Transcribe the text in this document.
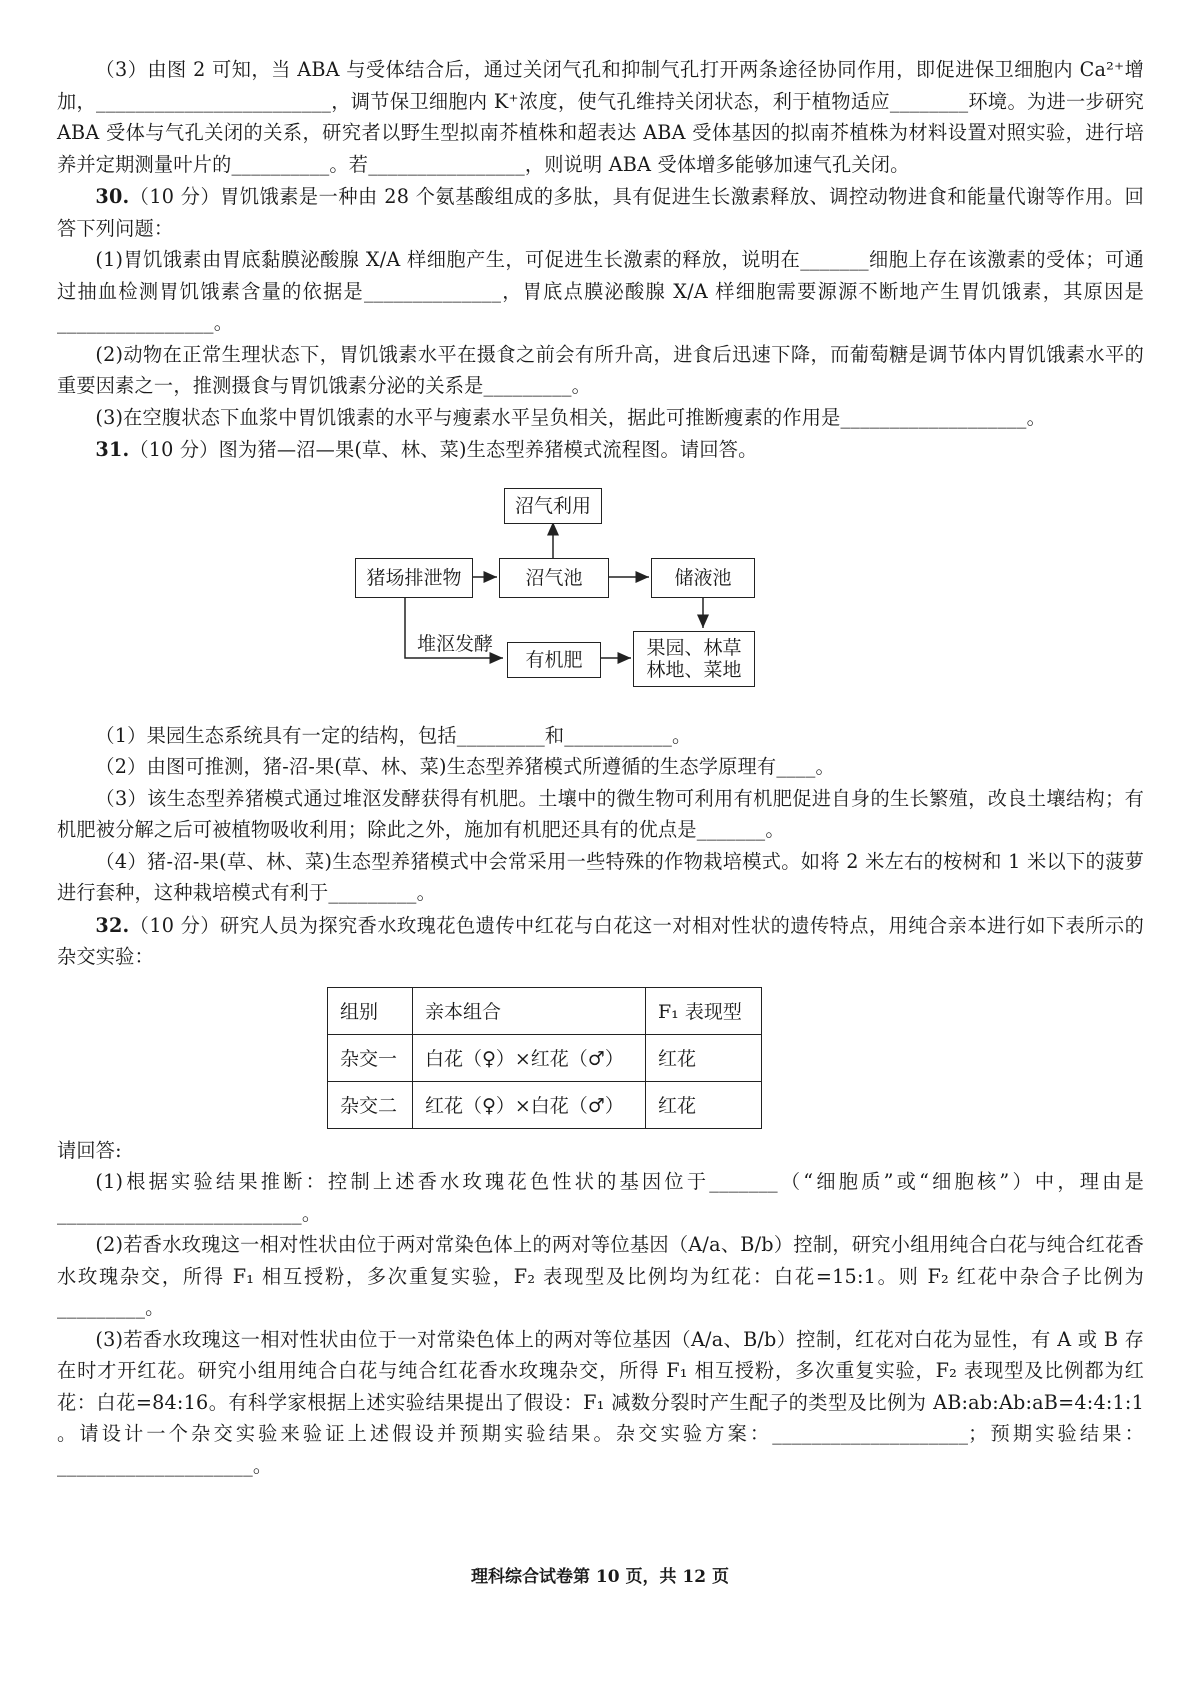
（3）由图 2 可知，当 ABA 与受体结合后，通过关闭气孔和抑制气孔打开两条途径协同作用，即促进保卫细胞内 Ca²⁺增加，________________________，调节保卫细胞内 K⁺浓度，使气孔维持关闭状态，利于植物适应________环境。为进一步研究 ABA 受体与气孔关闭的关系，研究者以野生型拟南芥植株和超表达 ABA 受体基因的拟南芥植株为材料设置对照实验，进行培养并定期测量叶片的__________。若________________，则说明 ABA 受体增多能够加速气孔关闭。

30.（10 分）胃饥饿素是一种由 28 个氨基酸组成的多肽，具有促进生长激素释放、调控动物进食和能量代谢等作用。回答下列问题：

(1)胃饥饿素由胃底黏膜泌酸腺 X/A 样细胞产生，可促进生长激素的释放，说明在_______细胞上存在该激素的受体；可通过抽血检测胃饥饿素含量的依据是______________，胃底点膜泌酸腺 X/A 样细胞需要源源不断地产生胃饥饿素，其原因是________________。

(2)动物在正常生理状态下，胃饥饿素水平在摄食之前会有所升高，进食后迅速下降，而葡萄糖是调节体内胃饥饿素水平的重要因素之一，推测摄食与胃饥饿素分泌的关系是_________。

(3)在空腹状态下血浆中胃饥饿素的水平与瘦素水平呈负相关，据此可推断瘦素的作用是___________________。

31.（10 分）图为猪—沼—果(草、林、菜)生态型养猪模式流程图。请回答。

沼气利用
猪场排泄物	沼气池	储液池
有机肥
果园、林草
林地、菜地
堆沤发酵

（1）果园生态系统具有一定的结构，包括_________和___________。

（2）由图可推测，猪-沼-果(草、林、菜)生态型养猪模式所遵循的生态学原理有____。

（3）该生态型养猪模式通过堆沤发酵获得有机肥。土壤中的微生物可利用有机肥促进自身的生长繁殖，改良土壤结构；有机肥被分解之后可被植物吸收利用；除此之外，施加有机肥还具有的优点是_______。

（4）猪-沼-果(草、林、菜)生态型养猪模式中会常采用一些特殊的作物栽培模式。如将 2 米左右的桉树和 1 米以下的菠萝进行套种，这种栽培模式有利于_________。

32.（10 分）研究人员为探究香水玫瑰花色遗传中红花与白花这一对相对性状的遗传特点，用纯合亲本进行如下表所示的杂交实验：

组别	亲本组合	F₁ 表现型
杂交一	白花（♀）×红花（♂）	红花
杂交二	红花（♀）×白花（♂）	红花

请回答:

(1)根据实验结果推断：控制上述香水玫瑰花色性状的基因位于_______（“细胞质”或“细胞核”）中，理由是_________________________。

(2)若香水玫瑰这一相对性状由位于两对常染色体上的两对等位基因（A/a、B/b）控制，研究小组用纯合白花与纯合红花香水玫瑰杂交，所得 F₁ 相互授粉，多次重复实验，F₂ 表现型及比例均为红花：白花=15:1。则 F₂ 红花中杂合子比例为_________。

(3)若香水玫瑰这一相对性状由位于一对常染色体上的两对等位基因（A/a、B/b）控制，红花对白花为显性，有 A 或 B 存在时才开红花。研究小组用纯合白花与纯合红花香水玫瑰杂交，所得 F₁ 相互授粉，多次重复实验，F₂ 表现型及比例都为红花：白花=84:16。有科学家根据上述实验结果提出了假设：F₁ 减数分裂时产生配子的类型及比例为 AB:ab:Ab:aB=4:4:1:1 。请设计一个杂交实验来验证上述假设并预期实验结果。杂交实验方案：____________________；预期实验结果：____________________。

理科综合试卷第 10 页，共 12 页
